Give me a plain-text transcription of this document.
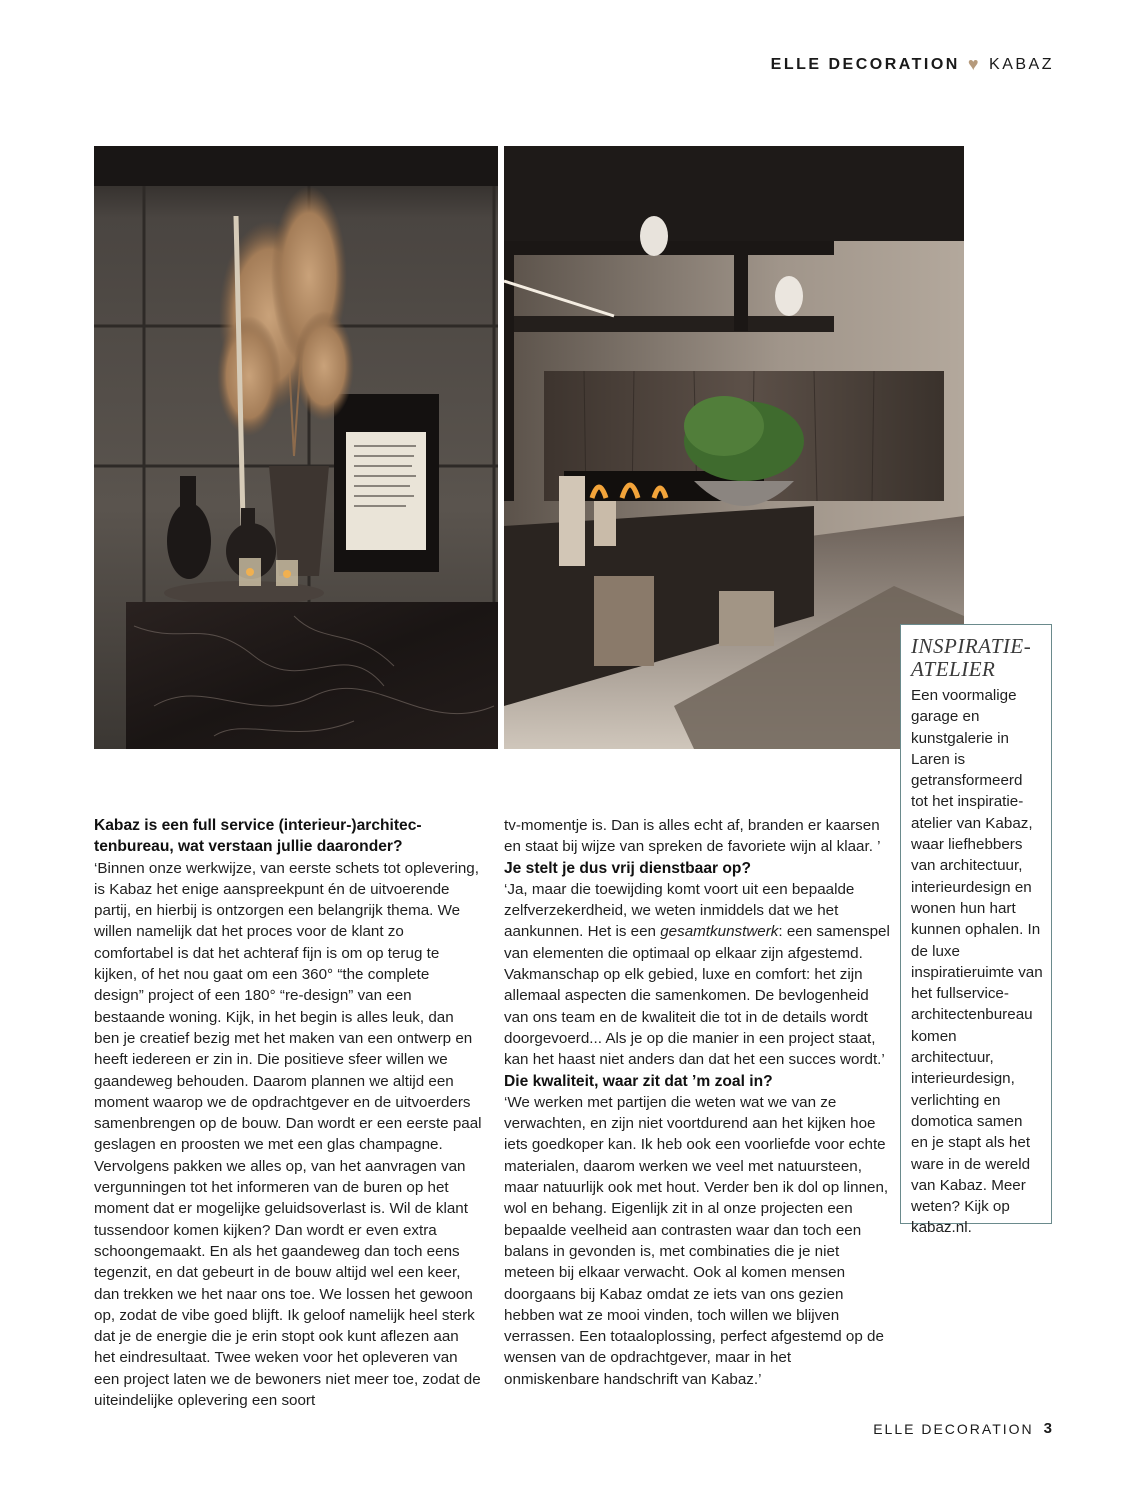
ELLE DECORATION ♥ KABAZ

Kabaz is een full service (interieur-)architec-tenbureau, wat verstaan jullie daaronder?

‘Binnen onze werkwijze, van eerste schets tot oplevering, is Kabaz het enige aanspreekpunt én de uitvoerende partij, en hierbij is ontzorgen een belangrijk thema. We willen namelijk dat het proces voor de klant zo comfortabel is dat het achteraf fijn is om op terug te kijken, of het nou gaat om een 360° “the complete design” project of een 180° “re-design” van een bestaande woning. Kijk, in het begin is alles leuk, dan ben je creatief bezig met het maken van een ontwerp en heeft iedereen er zin in. Die positieve sfeer willen we gaandeweg behouden. Daarom plannen we altijd een moment waarop we de opdrachtgever en de uitvoerders samenbrengen op de bouw. Dan wordt er een eerste paal geslagen en proosten we met een glas champagne. Vervolgens pakken we alles op, van het aanvragen van vergunningen tot het informeren van de buren op het moment dat er mogelijke geluidsoverlast is. Wil de klant tussendoor komen kijken? Dan wordt er even extra schoongemaakt. En als het gaandeweg dan toch eens tegenzit, en dat gebeurt in de bouw altijd wel een keer, dan trekken we het naar ons toe. We lossen het gewoon op, zodat de vibe goed blijft. Ik geloof namelijk heel sterk dat je de energie die je erin stopt ook kunt aflezen aan het eindresultaat. Twee weken voor het opleveren van een project laten we de bewoners niet meer toe, zodat de uiteindelijke oplevering een soort

tv-momentje is. Dan is alles echt af, branden er kaarsen en staat bij wijze van spreken de favoriete wijn al klaar. ’

Je stelt je dus vrij dienstbaar op?

‘Ja, maar die toewijding komt voort uit een bepaalde zelfverzekerdheid, we weten inmiddels dat we het aankunnen. Het is een gesamtkunstwerk: een samenspel van elementen die optimaal op elkaar zijn afgestemd. Vakmanschap op elk gebied, luxe en comfort: het zijn allemaal aspecten die samenkomen. De bevlogenheid van ons team en de kwaliteit die tot in de details wordt doorgevoerd... Als je op die manier in een project staat, kan het haast niet anders dan dat het een succes wordt.’

Die kwaliteit, waar zit dat ’m zoal in?

‘We werken met partijen die weten wat we van ze verwachten, en zijn niet voortdurend aan het kijken hoe iets goedkoper kan. Ik heb ook een voorliefde voor echte materialen, daarom werken we veel met natuursteen, maar natuurlijk ook met hout. Verder ben ik dol op linnen, wol en behang. Eigenlijk zit in al onze projecten een bepaalde veelheid aan contrasten waar dan toch een balans in gevonden is, met combinaties die je niet meteen bij elkaar verwacht. Ook al komen mensen doorgaans bij Kabaz omdat ze iets van ons gezien hebben wat ze mooi vinden, toch willen we blijven verrassen. Een totaaloplossing, perfect afgestemd op de wensen van de opdrachtgever, maar in het onmiskenbare handschrift van Kabaz.’

INSPIRATIE-ATELIER
Een voormalige garage en kunstgalerie in Laren is getransformeerd tot het inspiratie-atelier van Kabaz, waar liefhebbers van architectuur, interieurdesign en wonen hun hart kunnen ophalen. In de luxe inspiratieruimte van het fullservice-architectenbureau komen architectuur, interieurdesign, verlichting en domotica samen en je stapt als het ware in de wereld van Kabaz. Meer weten? Kijk op kabaz.nl.
ELLE DECORATION 3
